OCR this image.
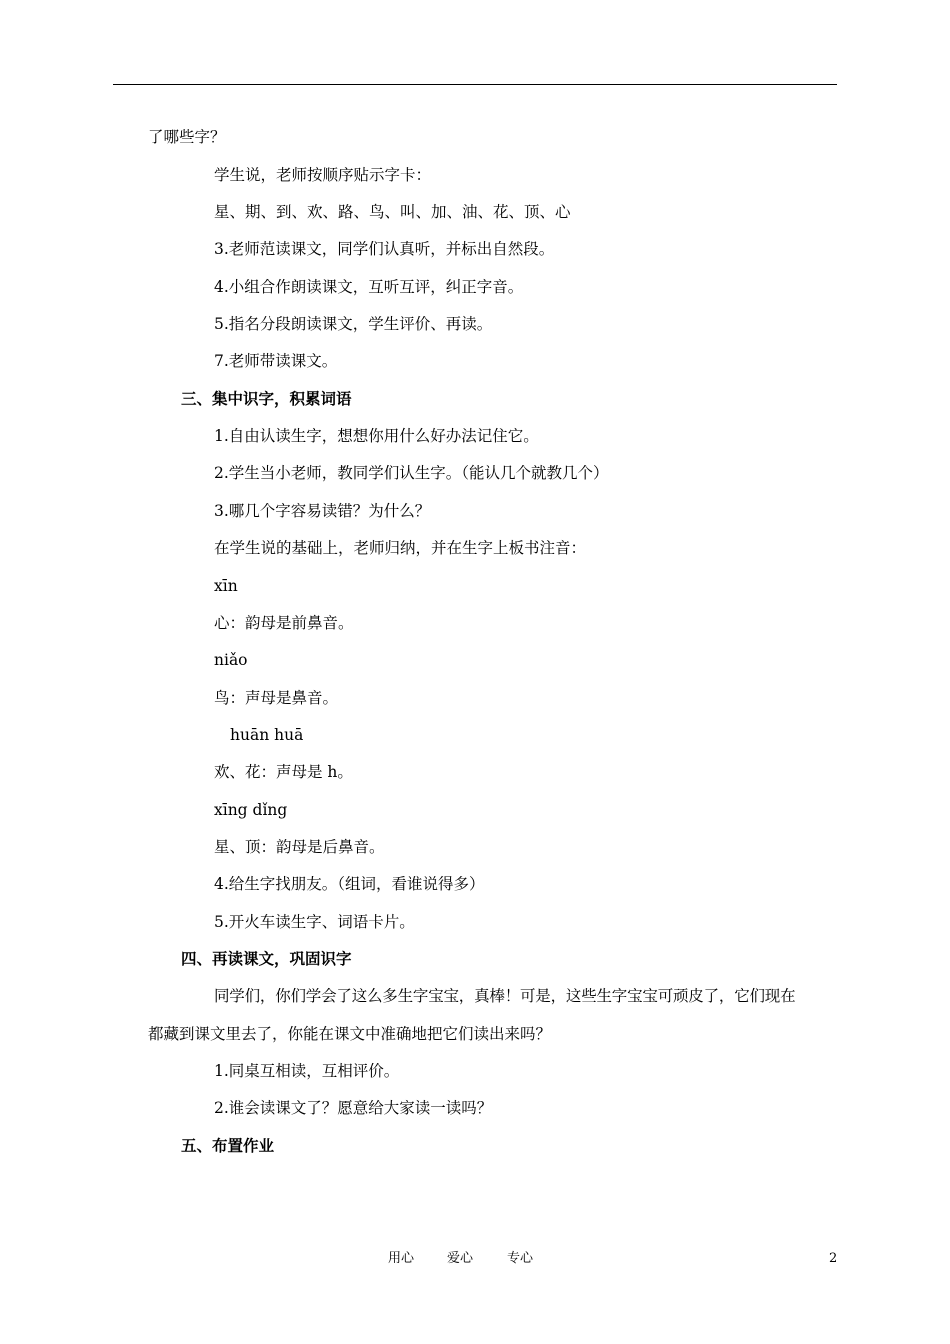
了哪些字？
学生说，老师按顺序贴示字卡：
星、期、到、欢、路、鸟、叫、加、油、花、顶、心
3.老师范读课文，同学们认真听，并标出自然段。
4.小组合作朗读课文，互听互评，纠正字音。
5.指名分段朗读课文，学生评价、再读。
7.老师带读课文。
三、集中识字，积累词语
1.自由认读生字，想想你用什么好办法记住它。
2.学生当小老师，教同学们认生字。（能认几个就教几个）
3.哪几个字容易读错？为什么？
在学生说的基础上，老师归纳，并在生字上板书注音：
xīn
心：韵母是前鼻音。
niǎo
鸟：声母是鼻音。
huān huā
欢、花：声母是 h。
xīng dǐng
星、顶：韵母是后鼻音。
4.给生字找朋友。（组词，看谁说得多）
5.开火车读生字、词语卡片。
四、再读课文，巩固识字
同学们，你们学会了这么多生字宝宝，真棒！可是，这些生字宝宝可顽皮了，它们现在
都藏到课文里去了，你能在课文中准确地把它们读出来吗？
1.同桌互相读，互相评价。
2.谁会读课文了？愿意给大家读一读吗？
五、布置作业
用心	爱心	专心	2
